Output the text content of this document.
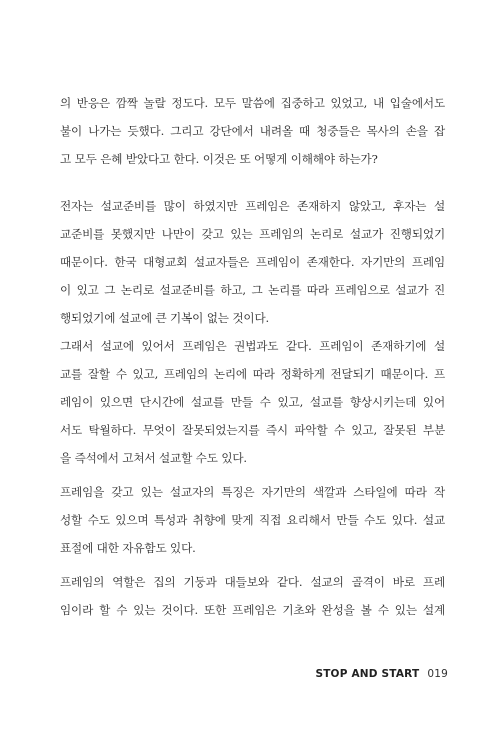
의 반응은 깜짝 놀랄 정도다. 모두 말씀에 집중하고 있었고, 내 입술에서도
불이 나가는 듯했다. 그리고 강단에서 내려올 때 청중들은 목사의 손을 잡
고 모두 은혜 받았다고 한다. 이것은 또 어떻게 이해해야 하는가?
전자는 설교준비를 많이 하였지만 프레임은 존재하지 않았고, 후자는 설
교준비를 못했지만 나만이 갖고 있는 프레임의 논리로 설교가 진행되었기
때문이다. 한국 대형교회 설교자들은 프레임이 존재한다. 자기만의 프레임
이 있고 그 논리로 설교준비를 하고, 그 논리를 따라 프레임으로 설교가 진
행되었기에 설교에 큰 기복이 없는 것이다.
그래서 설교에 있어서 프레임은 권법과도 같다. 프레임이 존재하기에 설
교를 잘할 수 있고, 프레임의 논리에 따라 정확하게 전달되기 때문이다. 프
레임이 있으면 단시간에 설교를 만들 수 있고, 설교를 향상시키는데 있어
서도 탁월하다. 무엇이 잘못되었는지를 즉시 파악할 수 있고, 잘못된 부분
을 즉석에서 고쳐서 설교할 수도 있다.
프레임을 갖고 있는 설교자의 특징은 자기만의 색깔과 스타일에 따라 작
성할 수도 있으며 특성과 취향에 맞게 직접 요리해서 만들 수도 있다. 설교
표절에 대한 자유함도 있다.
프레임의 역할은 집의 기둥과 대들보와 같다. 설교의 골격이 바로 프레
임이라 할 수 있는 것이다. 또한 프레임은 기초와 완성을 볼 수 있는 설계
STOP AND START 019
